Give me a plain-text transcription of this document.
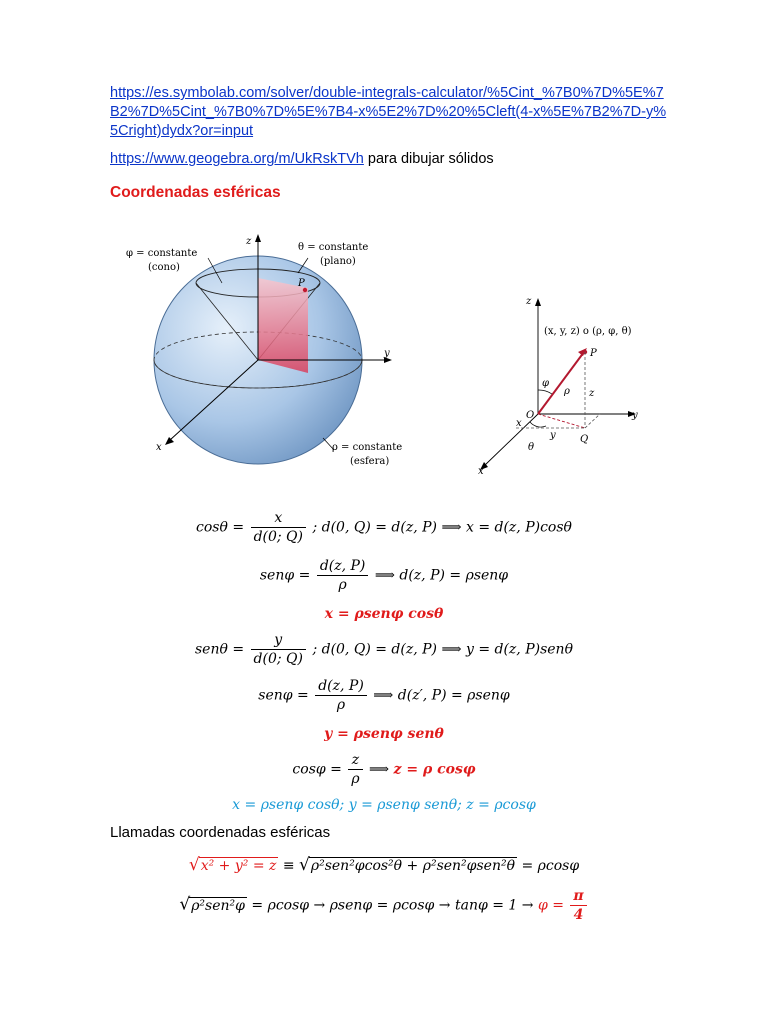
https://es.symbolab.com/solver/double-integrals-calculator/%5Cint_%7B0%7D%5E%7B2%7D%5Cint_%7B0%7D%5E%7B4-x%5E2%7D%20%5Cleft(4-x%5E%7B2%7D-y%5Cright)dydx?or=input
https://www.geogebra.org/m/UkRskTVh para dibujar sólidos
Coordenadas esféricas
z
y
x
P
φ = constante
(cono)
θ = constante
(plano)
ρ = constante
(esfera)
z
y
x
(x, y, z) o (ρ, φ, θ)
P
O
Q
ρ
φ
θ
z
x
y
$\cos\theta = \frac{x}{d(0; Q)}$ ; d(0, Q) = d(z, P) ⟹ x = d(z, P)cosθ
$sen\varphi = \frac{d(z, P)}{\rho}$ ⟹ d(z, P) = ρsenφ
x = ρsenφ cosθ
$sen\theta = \frac{y}{d(0; Q)}$ ; d(0, Q) = d(z, P) ⟹ y = d(z, P)senθ
$sen\varphi = \frac{d(z, P)}{\rho}$ ⟹ d(z′, P) = ρsenφ
y = ρsenφ senθ
$\cos\varphi = \frac{z}{\rho}$ ⟹ z = ρ cosφ
x = ρsenφ cosθ; y = ρsenφ senθ; z = ρcosφ
Llamadas coordenadas esféricas
√x² + y² = z ≡ √ρ²sen²φcos²θ + ρ²sen²φsen²θ = ρcosφ
$√\rho^2sen^2\varphi = \rho\cos\varphi \to \rho sen\varphi = \rho\cos\varphi \to \tan\varphi = 1 \to \varphi = \frac{\pi}{4}$
